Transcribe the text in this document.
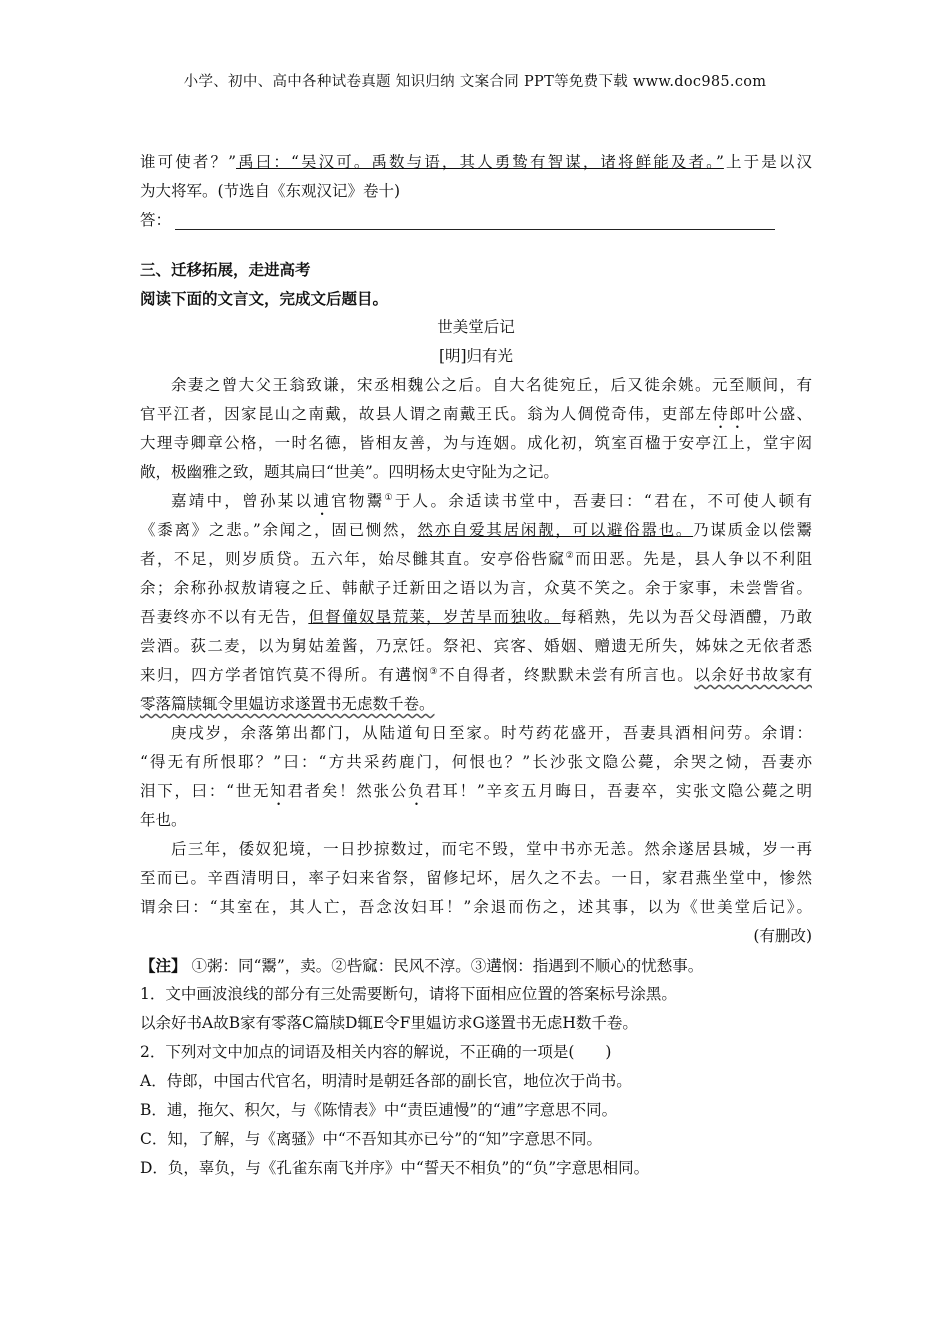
小学、初中、高中各种试卷真题 知识归纳 文案合同 PPT等免费下载 www.doc985.com
谁可使者？”禹曰：“吴汉可。禹数与语，其人勇鸷有智谋，诸将鲜能及者。”上于是以汉
为大将军。(节选自《东观汉记》卷十)
答：
三、迁移拓展，走进高考
阅读下面的文言文，完成文后题目。
世美堂后记
[明]归有光
余妻之曾大父王翁致谦，宋丞相魏公之后。自大名徙宛丘，后又徙余姚。元至顺间，有
官平江者，因家昆山之南戴，故县人谓之南戴王氏。翁为人倜傥奇伟，吏部左侍郎叶公盛、
大理寺卿章公格，一时名德，皆相友善，为与连姻。成化初，筑室百楹于安亭江上，堂宇闳
敞，极幽雅之致，题其扁曰“世美”。四明杨太史守阯为之记。
嘉靖中，曾孙某以逋官物鬻①于人。余适读书堂中，吾妻曰：“君在，不可使人顿有
《黍离》之悲。”余闻之，固已恻然，然亦自爱其居闲靓，可以避俗嚣也。乃谋质金以偿鬻
者，不足，则岁质贷。五六年，始尽雠其直。安亭俗呰窳②而田恶。先是，县人争以不利阻
余；余称孙叔敖请寝之丘、韩献子迁新田之语以为言，众莫不笑之。余于家事，未尝訾省。
吾妻终亦不以有无告，但督僮奴垦荒莱，岁苦旱而独收。每稻熟，先以为吾父母酒醴，乃敢
尝酒。荻二麦，以为舅姑羞酱，乃烹饪。祭祀、宾客、婚姻、赠遗无所失，姊妹之无依者悉
来归，四方学者馆饩莫不得所。有遘悯③不自得者，终默默未尝有所言也。以余好书故家有
零落篇牍辄令里媪访求遂置书无虑数千卷。
庚戌岁，余落第出都门，从陆道旬日至家。时芍药花盛开，吾妻具酒相问劳。余谓：
“得无有所恨耶？”曰：“方共采药鹿门，何恨也？”长沙张文隐公薨，余哭之恸，吾妻亦
泪下，曰：“世无知君者矣！然张公负君耳！”辛亥五月晦日，吾妻卒，实张文隐公薨之明
年也。
后三年，倭奴犯境，一日抄掠数过，而宅不毁，堂中书亦无恙。然余遂居县城，岁一再
至而已。辛酉清明日，率子妇来省祭，留修圮坏，居久之不去。一日，家君燕坐堂中，惨然
谓余曰：“其室在，其人亡，吾念汝妇耳！”余退而伤之，述其事，以为《世美堂后记》。
(有删改)
【注】 ①粥：同“鬻”，卖。②呰窳：民风不淳。③遘悯：指遇到不顺心的忧愁事。
1．文中画波浪线的部分有三处需要断句，请将下面相应位置的答案标号涂黑。
以余好书A故B家有零落C篇牍D辄E令F里媪访求G遂置书无虑H数千卷。
2．下列对文中加点的词语及相关内容的解说，不正确的一项是(　　)
A．侍郎，中国古代官名，明清时是朝廷各部的副长官，地位次于尚书。
B．逋，拖欠、积欠，与《陈情表》中“责臣逋慢”的“逋”字意思不同。
C．知，了解，与《离骚》中“不吾知其亦已兮”的“知”字意思不同。
D．负，辜负，与《孔雀东南飞并序》中“誓天不相负”的“负”字意思相同。
